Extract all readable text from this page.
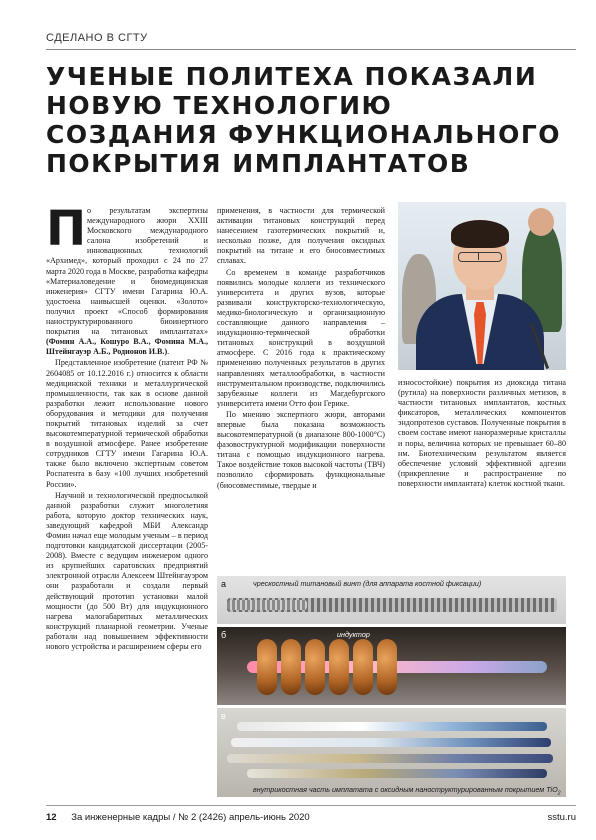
СДЕЛАНО В СГТУ
УЧЕНЫЕ ПОЛИТЕХА ПОКАЗАЛИ НОВУЮ ТЕХНОЛОГИЮ СОЗДАНИЯ ФУНКЦИОНАЛЬНОГО ПОКРЫТИЯ ИМПЛАНТАТОВ
П о результатам экспертизы международного жюри XXIII Московского международного салона изобретений и инновационных технологий «Архимед», который проходил с 24 по 27 марта 2020 года в Москве, разработка кафедры «Материаловедение и биомедицинская инженерия» СГТУ имени Гагарина Ю.А. удостоена наивысшей оценки. «Золото» получил проект «Способ формирования наноструктурированного биоинертного покрытия на титановых имплантатах» (Фомин А.А., Кошуро В.А., Фомина М.А., Штейнгауэр А.Б., Родионов И.В.).

Представленное изобретение (патент РФ № 2604085 от 10.12.2016 г.) относится к области медицинской техники и металлургической промышленности, так как в основе данной разработки лежит использование нового оборудования и методики для получения покрытий титановых изделий за счет высокотемпературной термической обработки в воздушной атмосфере. Ранее изобретение сотрудников СГТУ имени Гагарина Ю.А. также было включено экспертным советом Роспатента в базу «100 лучших изобретений России».

Научной и технологической предпосылкой данной разработки служит многолетняя работа, которую доктор технических наук, заведующий кафедрой МБИ Александр Фомин начал еще молодым ученым – в период подготовки кандидатской диссертации (2005-2008). Вместе с ведущим инженером одного из крупнейших саратовских предприятий электронной отрасли Алексеем Штейнгауэром они разработали и создали первый действующий прототип установки малой мощности (до 500 Вт) для индукционного нагрева малогабаритных металлических конструкций планарной геометрии. Ученые работали над повышением эффективности нового устройства и расширением сферы его

применения, в частности для термической активации титановых конструкций перед нанесением газотермических покрытий и, несколько позже, для получения оксидных покрытий на титане и его биосовместимых сплавах.

Со временем в команде разработчиков появились молодые коллеги из технического университета и других вузов, которые развивали конструкторско-технологическую, медико-биологическую и организационную составляющие данного направления – индукционно-термической обработки титановых конструкций в воздушной атмосфере. С 2016 года к практическому применению полученных результатов в других направлениях металлообработки, в частности инструментальном производстве, подключились зарубежные коллеги из Магдебургского университета имени Отто фон Герике.

По мнению экспертного жюри, авторами впервые была показана возможность высокотемпературной (в диапазоне 800-1000°С) фазовоструктурной модификации поверхности титана с помощью индукционного нагрева. Такое воздействие токов высокой частоты (ТВЧ) позволило сформировать функциональные (биосовместимые, твердые и

износостойкие) покрытия из диоксида титана (рутила) на поверхности различных метизов, в частности титановых имплантатов, костных фиксаторов, металлических компонентов эндопротезов суставов. Полученные покрытия в своем составе имеют наноразмерные кристаллы и поры, величина которых не превышает 60–80 нм. Биотехническим результатом является обеспечение условий эффективной адгезии (прикрепление и распространение по поверхности имплантата) клеток костной ткани.

а	чрескостный титановый винт (для аппарата костной фиксации)
б	индуктор
в
внутрикостная часть имплатата с оксидным наноструктурированным покрытием TiO$_2$
12 За инженерные кадры / № 2 (2426) апрель-июнь 2020	sstu.ru
